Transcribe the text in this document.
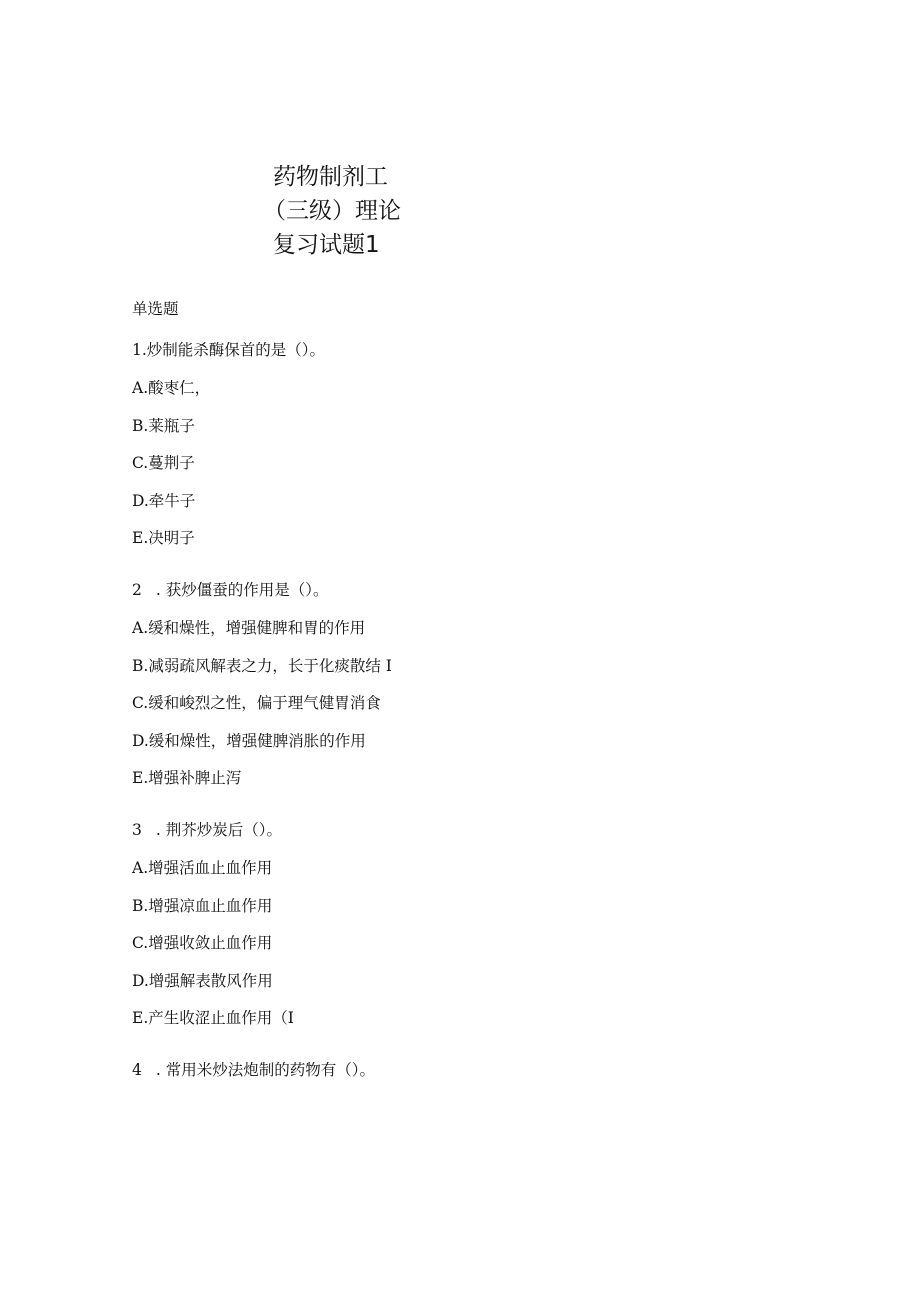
药物制剂工
（三级）理论
复习试题1
单选题
1.炒制能杀酶保首的是（）。
A.酸枣仁，
B.莱瓶子
C.蔓荆子
D.牵牛子
E.决明子
2 . 获炒僵蚕的作用是（）。
A.缓和燥性，增强健脾和胃的作用
B.减弱疏风解表之力，长于化痰散结 I
C.缓和峻烈之性，偏于理气健胃消食
D.缓和燥性，增强健脾消胀的作用
E.增强补脾止泻
3 . 荆芥炒炭后（）。
A.增强活血止血作用
B.增强凉血止血作用
C.增强收敛止血作用
D.增强解表散风作用
E.产生收涩止血作用（I
4 . 常用米炒法炮制的药物有（）。
